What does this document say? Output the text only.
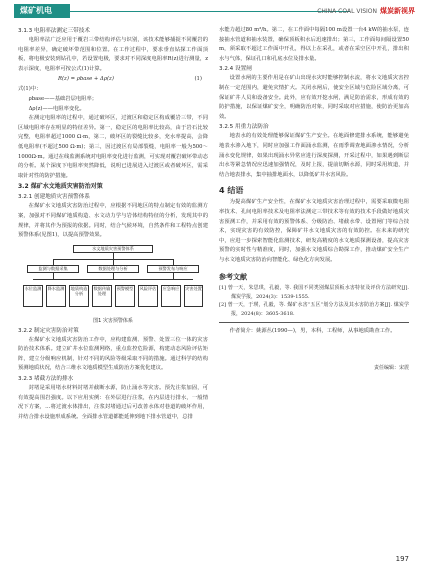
煤矿机电	CHINA COAL VISION 煤炭新视界
3.1.3 电阻率法测定三带技术

电阻率法广泛应用于覆岩三带结构评估与识别，该技术能够捕捉不同覆岩的电阻率差异，确定破坏带范围和位置。在工作过程中，要求垂直钻探工作面顶板，将电极安装到钻孔中，若设置电极，要求对不同深度电阻率R(z)进行测量，z表示深度，电阻率可按公式(1)计算。

R(z) = ρbase + Δρ(z)	(1)
式(1)中：
ρbase——基础岩层电阻率；
Δρ(z)——电阻率变化。

在测定电阻率的过程中，通过破坏区，过渡区和稳定区构成覆岩三带，不同区域电阻率存在明显的特征差异。第一，稳定区的电阻率比较高，由于岩石比较完整，电阻率超过1000 Ω·m，第二，破坏区的裂缝比较多，充水率提高，会降低电阻率(不超过500 Ω·m)；第三，因过渡区有局部裂缝，电阻率一般为500～1000Ω·m。通过在线监测系统对电阻率变化进行监测，可实现对覆岩破坏带动态的分析。某个深度下电阻率突然降低，说明已进展进入过渡区或者破坏区，需采取针对性的防护措施。

3.2 煤矿水文地质灾害防治对策
3.2.1 创建地质灾害预警体系

在煤矿水文地质灾害防治过程中，应根据不同地区的特点制定有效的监测方案，加强对不同煤矿地质构造、水文动力学与岩体结构特征的分析，发现其中的规律，并将其作为预报的依据。同时，结合气候环境，自然条件和工程特点创建预警体系(见图1)，以提高预警效果。

水文地质灾害预警体系
监测与数据采集	数据处理与分析	预警发布与响应
水位监测	降水监测	地质构造分析
数据传输处理
预警模型	风险评估	应急响应	灾害处置
图1 灾害预警体系
3.2.2 制定灾害防治对策

在煤矿水文地质灾害防治工作中，应构建监测、预警、处置三位一体的灾害防治技术体系。建立矿井水位监测网络，重点监控危险源，构建动态风险评估矩阵，建立分级响应机制，针对不同的风险等级采取不同的措施。通过科学的结构预测地质状况，结合三维水文地质模型生成防治方案优化建议。

3.2.3 堵截方法的排水

封堵是采用堵水材料封堵并截断水源，防止涌水等灾害。预先注浆加固，可有效提高围岩强度。以下应用实例：在外层进行注浆，在内层进行排水，一般情况下方案，…将过渡水体排出，注浆封堵通过后可改善水体对巷道的破坏作用，并结合排水设施形成系统。全面排水管道都能延伸到地下排水管道中，总排

水能力超过80 m³/h。第二，在工作面中每隔100 m设置一台4 kW的抽水泵，连接抽水管道和抽水装置，确保顶板积水后迅速排出；第三，工作面每间隔设置50 m，须采取不超过工作面中开孔，得以上在采孔，或者在采空区中开孔，排出积水与气体，保证孔口和孔底水位及排水量。

3.2.4 设置闸

设置水闸的主要作用是在矿山出现水灾时能够控制水流，将水文地质灾害控制在一定范围内，避免灾情扩大。关闭水闸后，使安全区域与危险区域分离，可保证矿井人员和设备安全。此外，应有效开挖水闸，满足防治需求，形成有效的防护措施，以保证煤矿安全，明确防治对象，同时采取对应措施，使防治更加高效。

3.2.5 用重力法防治

地表水的有效处理能够保证煤矿生产安全。在地面修建排水系统，能够避免地表水渗入地下，同时应加强工作面涌水监测，在雨季调查地面渗水情况，分析涌水变化规律，如果出现涌水异常应进行深度探测，开采过程中，如果遇到断层出水等紧急情况应迅速加强情况，及时上报，提前切断水源，同时采用坡道，并结合地表排水，集中抽排地面水，以降低矿井水害风险。

4 结语

为提高煤矿生产安全性，在煤矿水文地质灾害治理过程中，需要采取微电阻率技术、孔间电阻率技术及电阻率法测定三带技术等有效的技术手段做好地质灾害预测工作，并采用有效的预警体系、分级防治、堵截水带、设置闸门等综合技术，实现灾害的有效防控，保障矿井水文地质灾害的有效防控。在未来的研究中，应进一步探索智能化监测技术，研发高精度的水文地质探测设备，提高灾害预警的实时性与精准度，同时，加强水文地质综合勘探工作，推动煤矿安全生产与水文地质灾害防治向智能化、绿色化方向发展。

参考文献
[1] 曾一天，朱思琪，孔毅，等. 我国不同类别煤层顶板水害特征及评价方法研究[J]. 煤炭学报，2024(3)：1539-1555.
[2] 曾一天，于瑛，孔毅，等. 煤矿水害“五区”划分方法及其水害防治方案[J]. 煤炭学报，2024(8)：3605-3618.
作者简介：姚源丛(1990—)，男，本科，工程师，从事地质勘查工作。
责任编辑：宋震
197
